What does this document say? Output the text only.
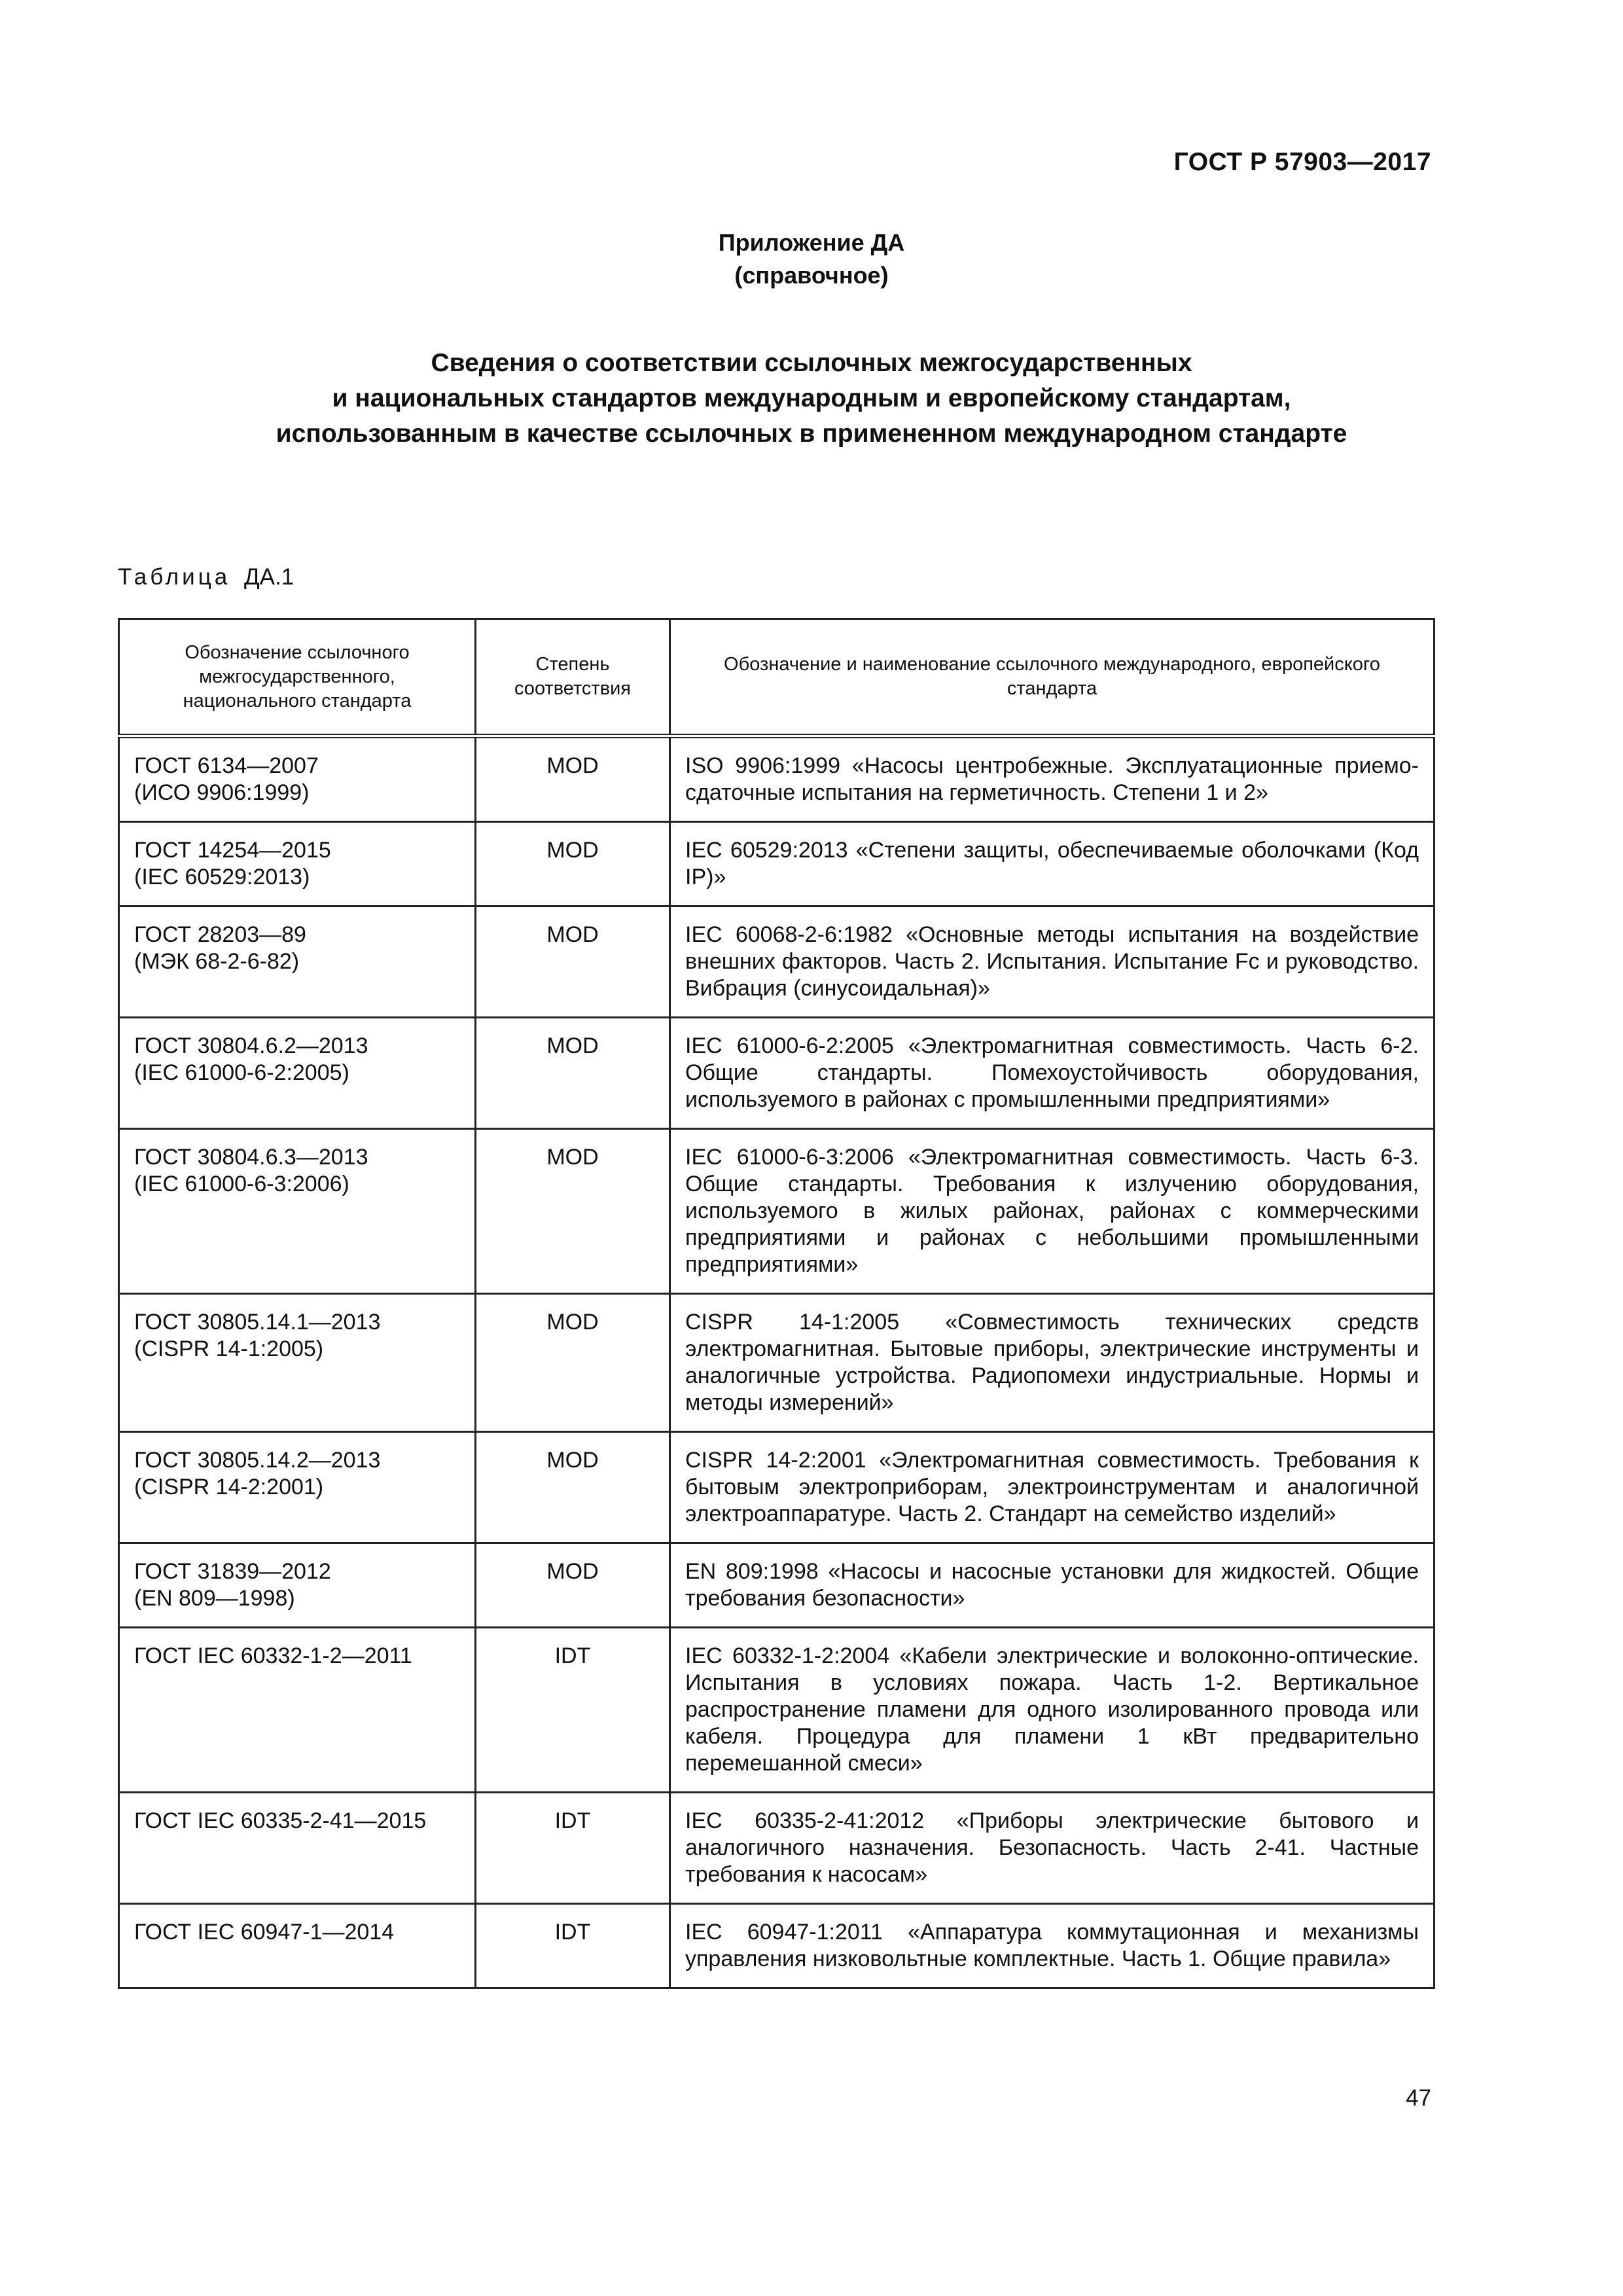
ГОСТ Р 57903—2017
Приложение ДА
(справочное)
Сведения о соответствии ссылочных межгосударственных
и национальных стандартов международным и европейскому стандартам,
использованным в качестве ссылочных в примененном международном стандарте
Таблица ДА.1
Обозначение ссылочного межгосударственного, национального стандарта	Степень соответствия	Обозначение и наименование ссылочного международного, европейского стандарта

ГОСТ 6134—2007
(ИСО 9906:1999)	MOD	ISO 9906:1999 «Насосы центробежные. Эксплуатационные приемо-сдаточные испытания на герметичность. Степени 1 и 2»

ГОСТ 14254—2015
(IEC 60529:2013)	MOD	IEC 60529:2013 «Степени защиты, обеспечиваемые оболочками (Код IP)»

ГОСТ 28203—89
(МЭК 68-2-6-82)	MOD	IEC 60068-2-6:1982 «Основные методы испытания на воздействие внешних факторов. Часть 2. Испытания. Испытание Fc и руководство. Вибрация (синусоидальная)»

ГОСТ 30804.6.2—2013
(IEC 61000-6-2:2005)	MOD	IEC 61000-6-2:2005 «Электромагнитная совместимость. Часть 6-2. Общие стандарты. Помехоустойчивость оборудования, используемого в районах с промышленными предприятиями»

ГОСТ 30804.6.3—2013
(IEC 61000-6-3:2006)	MOD	IEC 61000-6-3:2006 «Электромагнитная совместимость. Часть 6-3. Общие стандарты. Требования к излучению оборудования, используемого в жилых районах, районах с коммерческими предприятиями и районах с небольшими промышленными предприятиями»

ГОСТ 30805.14.1—2013
(CISPR 14-1:2005)	MOD	CISPR 14-1:2005 «Совместимость технических средств электромагнитная. Бытовые приборы, электрические инструменты и аналогичные устройства. Радиопомехи индустриальные. Нормы и методы измерений»

ГОСТ 30805.14.2—2013
(CISPR 14-2:2001)	MOD	CISPR 14-2:2001 «Электромагнитная совместимость. Требования к бытовым электроприборам, электроинструментам и аналогичной электроаппаратуре. Часть 2. Стандарт на семейство изделий»

ГОСТ 31839—2012
(EN 809—1998)	MOD	EN 809:1998 «Насосы и насосные установки для жидкостей. Общие требования безопасности»

ГОСТ IEC 60332-1-2—2011	IDT	IEC 60332-1-2:2004 «Кабели электрические и волоконно-оптические. Испытания в условиях пожара. Часть 1-2. Вертикальное распространение пламени для одного изолированного провода или кабеля. Процедура для пламени 1 кВт предварительно перемешанной смеси»

ГОСТ IEC 60335-2-41—2015	IDT	IEC 60335-2-41:2012 «Приборы электрические бытового и аналогичного назначения. Безопасность. Часть 2-41. Частные требования к насосам»

ГОСТ IEC 60947-1—2014	IDT	IEC 60947-1:2011 «Аппаратура коммутационная и механизмы управления низковольтные комплектные. Часть 1. Общие правила»
47
